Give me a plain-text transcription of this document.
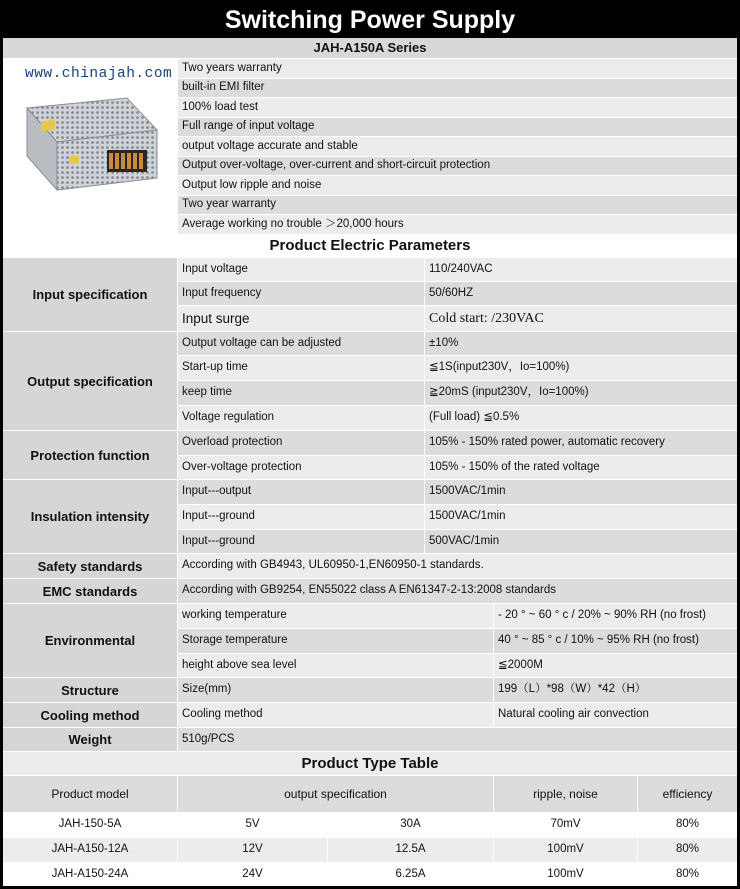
Switching Power Supply
JAH-A150A Series
www.chinajah.com Two years warranty
built-in EMI filter
100% load test
Full range of input voltage
output voltage accurate and stable
Output over-voltage, over-current and short-circuit protection
Output low ripple and noise
Two year warranty
Average working no trouble ＞20,000 hours
Product Electric Parameters
Input specification
Input voltage	110/240VAC
Input frequency	50/60HZ
Input surge	Cold start: /230VAC
Output specification
Output voltage can be adjusted	±10%
Start-up time	≦1S(input230V，Io=100%)
keep time	≧20mS (input230V，Io=100%)
Voltage regulation	(Full load) ≦0.5%
Protection function
Overload protection	105% - 150% rated power, automatic recovery
Over-voltage protection	105% - 150% of the rated voltage
Insulation intensity
Input---output	1500VAC/1min
Input---ground	1500VAC/1min
Input---ground	500VAC/1min
Safety standards	According with GB4943, UL60950-1,EN60950-1 standards.
EMC standards	According with GB9254, EN55022 class A EN61347-2-13:2008 standards
Environmental
working temperature	- 20 ° ~ 60 ° c / 20% ~ 90% RH (no frost)
Storage temperature	40 ° ~ 85 ° c / 10% ~ 95% RH (no frost)
height above sea level	≦2000M
Structure	Size(mm)	199（L）*98（W）*42（H）
Cooling method	Cooling method	Natural cooling air convection
Weight	510g/PCS
Product Type Table
Product model	output specification	ripple, noise	efficiency
JAH-150-5A	5V	30A	70mV	80%
JAH-A150-12A	12V	12.5A	100mV	80%
JAH-A150-24A	24V	6.25A	100mV	80%
